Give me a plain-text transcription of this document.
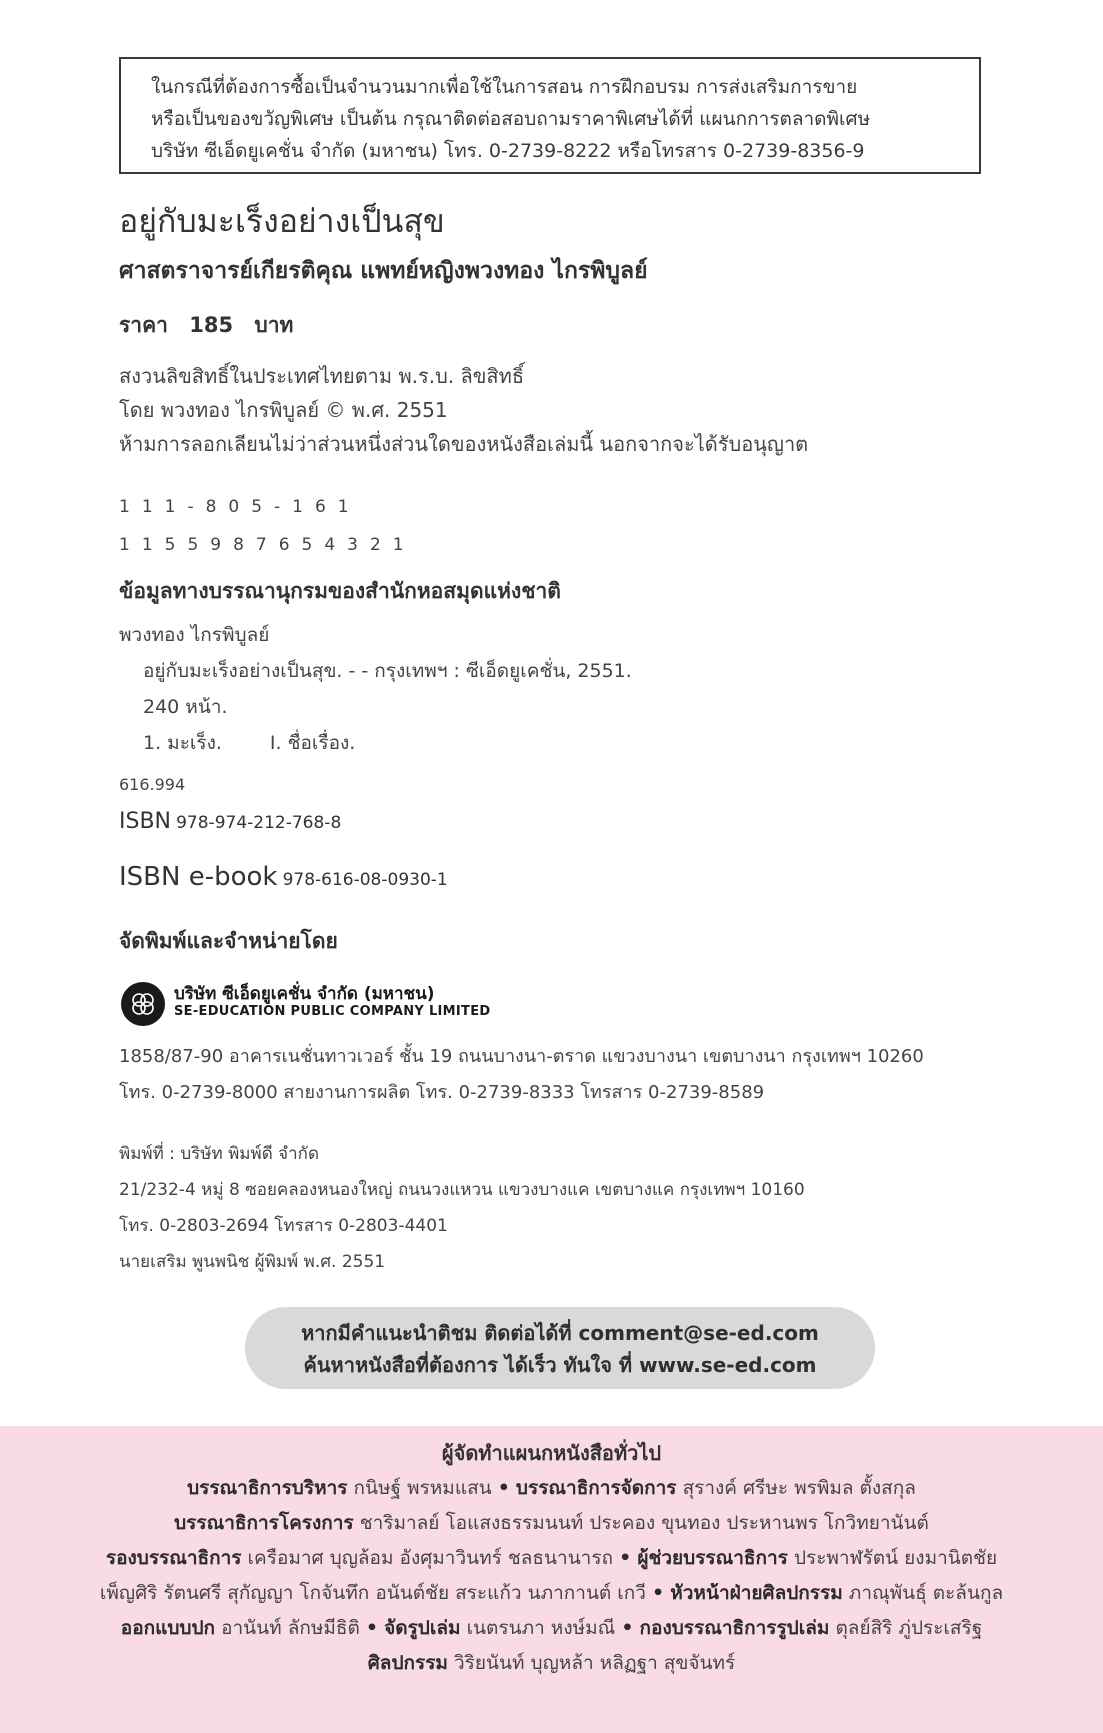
ในกรณีที่ต้องการซื้อเป็นจำนวนมากเพื่อใช้ในการสอน การฝึกอบรม การส่งเสริมการขาย
หรือเป็นของขวัญพิเศษ เป็นต้น กรุณาติดต่อสอบถามราคาพิเศษได้ที่ แผนกการตลาดพิเศษ
บริษัท ซีเอ็ดยูเคชั่น จำกัด (มหาชน) โทร. 0-2739-8222 หรือโทรสาร 0-2739-8356-9
อยู่กับมะเร็งอย่างเป็นสุข
ศาสตราจารย์เกียรติคุณ แพทย์หญิงพวงทอง ไกรพิบูลย์
ราคา 185 บาท
สงวนลิขสิทธิ์ในประเทศไทยตาม พ.ร.บ. ลิขสิทธิ์
โดย พวงทอง ไกรพิบูลย์ © พ.ศ. 2551
ห้ามการลอกเลียนไม่ว่าส่วนหนึ่งส่วนใดของหนังสือเล่มนี้ นอกจากจะได้รับอนุญาต
111-805-161
1155987654321
ข้อมูลทางบรรณานุกรมของสำนักหอสมุดแห่งชาติ
พวงทอง ไกรพิบูลย์
อยู่กับมะเร็งอย่างเป็นสุข. - - กรุงเทพฯ : ซีเอ็ดยูเคชั่น, 2551.
240 หน้า.
1. มะเร็ง.	I. ชื่อเรื่อง.
616.994
ISBN 978-974-212-768-8
ISBN e-book 978-616-08-0930-1
จัดพิมพ์และจำหน่ายโดย
บริษัท ซีเอ็ดยูเคชั่น จำกัด (มหาชน)
SE-EDUCATION PUBLIC COMPANY LIMITED
1858/87-90 อาคารเนชั่นทาวเวอร์ ชั้น 19 ถนนบางนา-ตราด แขวงบางนา เขตบางนา กรุงเทพฯ 10260
โทร. 0-2739-8000 สายงานการผลิต โทร. 0-2739-8333 โทรสาร 0-2739-8589
พิมพ์ที่ : บริษัท พิมพ์ดี จำกัด
21/232-4 หมู่ 8 ซอยคลองหนองใหญ่ ถนนวงแหวน แขวงบางแค เขตบางแค กรุงเทพฯ 10160
โทร. 0-2803-2694 โทรสาร 0-2803-4401
นายเสริม พูนพนิช ผู้พิมพ์ พ.ศ. 2551
หากมีคำแนะนำติชม ติดต่อได้ที่ comment@se-ed.com
ค้นหาหนังสือที่ต้องการ ได้เร็ว ทันใจ ที่ www.se-ed.com
ผู้จัดทำแผนกหนังสือทั่วไป
บรรณาธิการบริหาร กนิษฐ์ พรหมแสน • บรรณาธิการจัดการ สุรางค์ ศรีษะ พรพิมล ตั้งสกุล
บรรณาธิการโครงการ ชาริมาลย์ โอแสงธรรมนนท์ ประคอง ขุนทอง ประหานพร โกวิทยานันต์
รองบรรณาธิการ เครือมาศ บุญล้อม อังศุมาวินทร์ ชลธนานารถ • ผู้ช่วยบรรณาธิการ ประพาฬรัตน์ ยงมานิตชัย
เพ็ญศิริ รัตนศรี สุกัญญา โกจันทึก อนันต์ชัย สระแก้ว นภากานต์ เกวี • หัวหน้าฝ่ายศิลปกรรม ภาณุพันธุ์ ตะล้นกูล
ออกแบบปก อานันท์ ลักษมีธิติ • จัดรูปเล่ม เนตรนภา หงษ์มณี • กองบรรณาธิการรูปเล่ม ตุลย์สิริ ภู่ประเสริฐ
ศิลปกรรม วิริยนันท์ บุญหล้า หลิฏฐา สุขจันทร์
